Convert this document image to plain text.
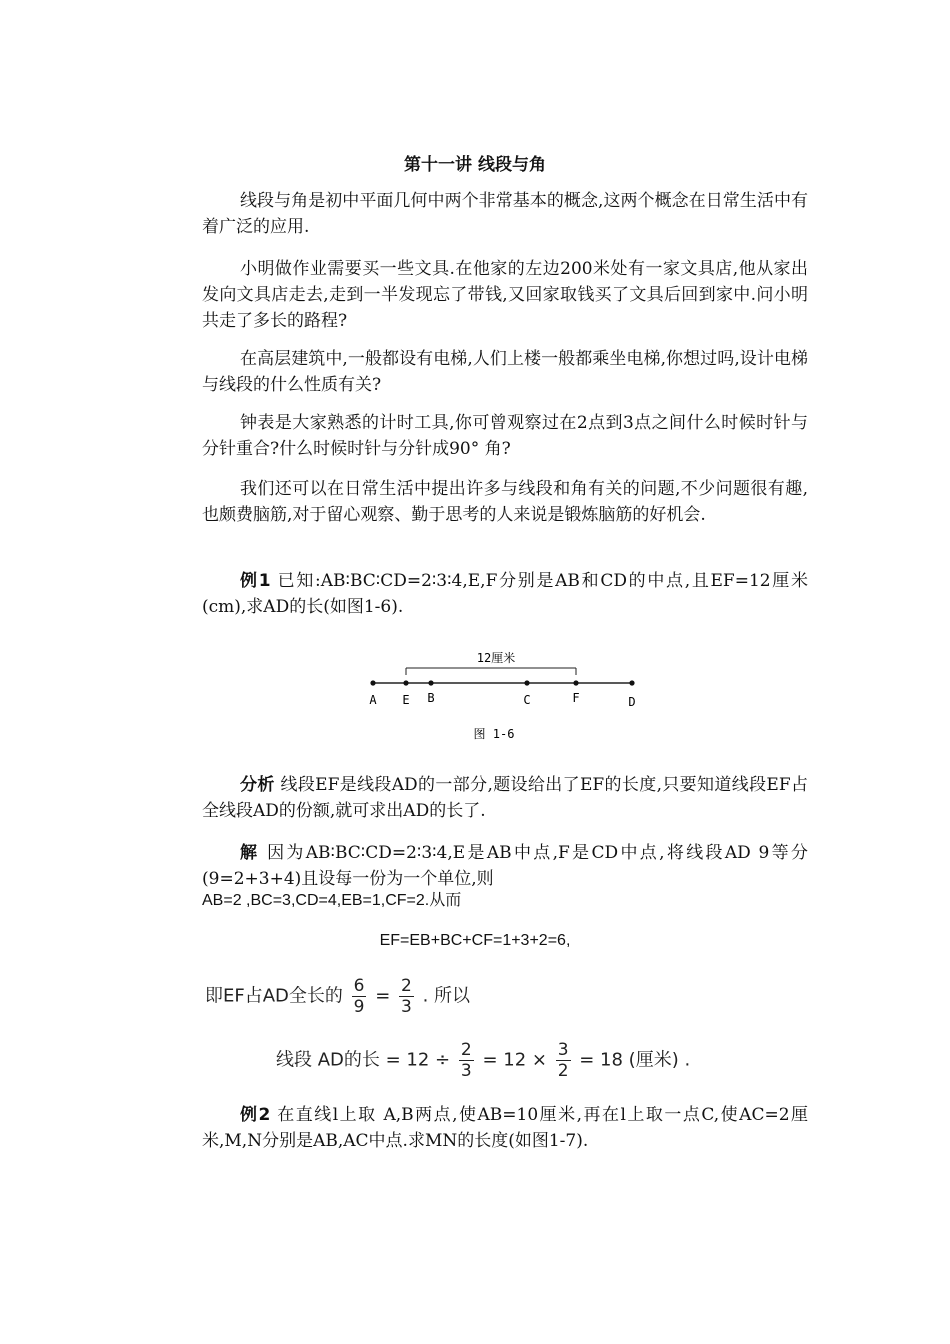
第十一讲 线段与角

线段与角是初中平面几何中两个非常基本的概念,这两个概念在日常生活中有着广泛的应用.

小明做作业需要买一些文具.在他家的左边200米处有一家文具店,他从家出发向文具店走去,走到一半发现忘了带钱,又回家取钱买了文具后回到家中.问小明共走了多长的路程?

在高层建筑中,一般都设有电梯,人们上楼一般都乘坐电梯,你想过吗,设计电梯与线段的什么性质有关?

钟表是大家熟悉的计时工具,你可曾观察过在2点到3点之间什么时候时针与分针重合?什么时候时针与分针成90° 角?

我们还可以在日常生活中提出许多与线段和角有关的问题,不少问题很有趣,也颇费脑筋,对于留心观察、勤于思考的人来说是锻炼脑筋的好机会.

例1 已知:AB∶BC∶CD=2∶3∶4,E,F分别是AB和CD的中点,且EF=12厘米(cm),求AD的长(如图1-6).

12厘米
A E B	C	F	D
图 1-6

分析 线段EF是线段AD的一部分,题设给出了EF的长度,只要知道线段EF占全线段AD的份额,就可求出AD的长了.

解 因为AB∶BC∶CD=2∶3∶4,E是AB中点,F是CD中点,将线段AD 9等分(9=2+3+4)且设每一份为一个单位,则

AB=2 ,BC=3,CD=4,EB=1,CF=2.从而

EF=EB+BC+CF=1+3+2=6,

即EF占AD全长的 $\frac{6}{9} = \frac{2}{3}$ . 所以
线段 AD的长 = $12 \div \frac{2}{3} = 12 \times \frac{3}{2} = 18$ (厘米) .

例2 在直线l上取 A,B两点,使AB=10厘米,再在l上取一点C,使AC=2厘米,M,N分别是AB,AC中点.求MN的长度(如图1-7).
